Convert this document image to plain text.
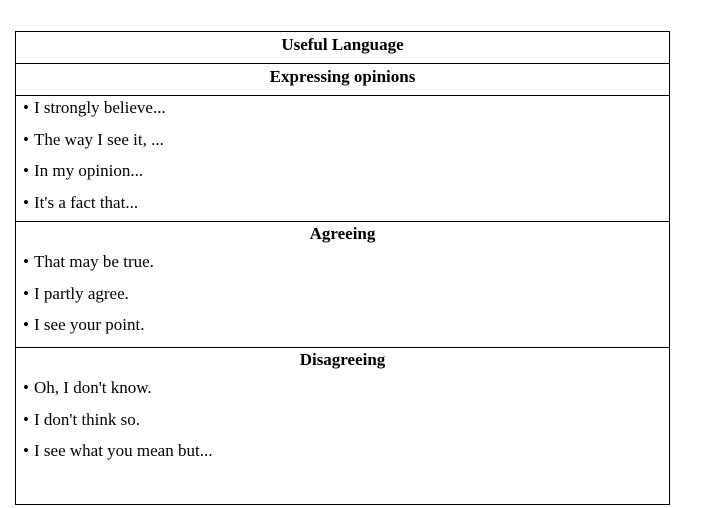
Useful Language
Expressing opinions
• I strongly believe...
• The way I see it, ...
• In my opinion...
• It's a fact that...
Agreeing
• That may be true.
• I partly agree.
• I see your point.
Disagreeing
• Oh, I don't know.
• I don't think so.
• I see what you mean but...
